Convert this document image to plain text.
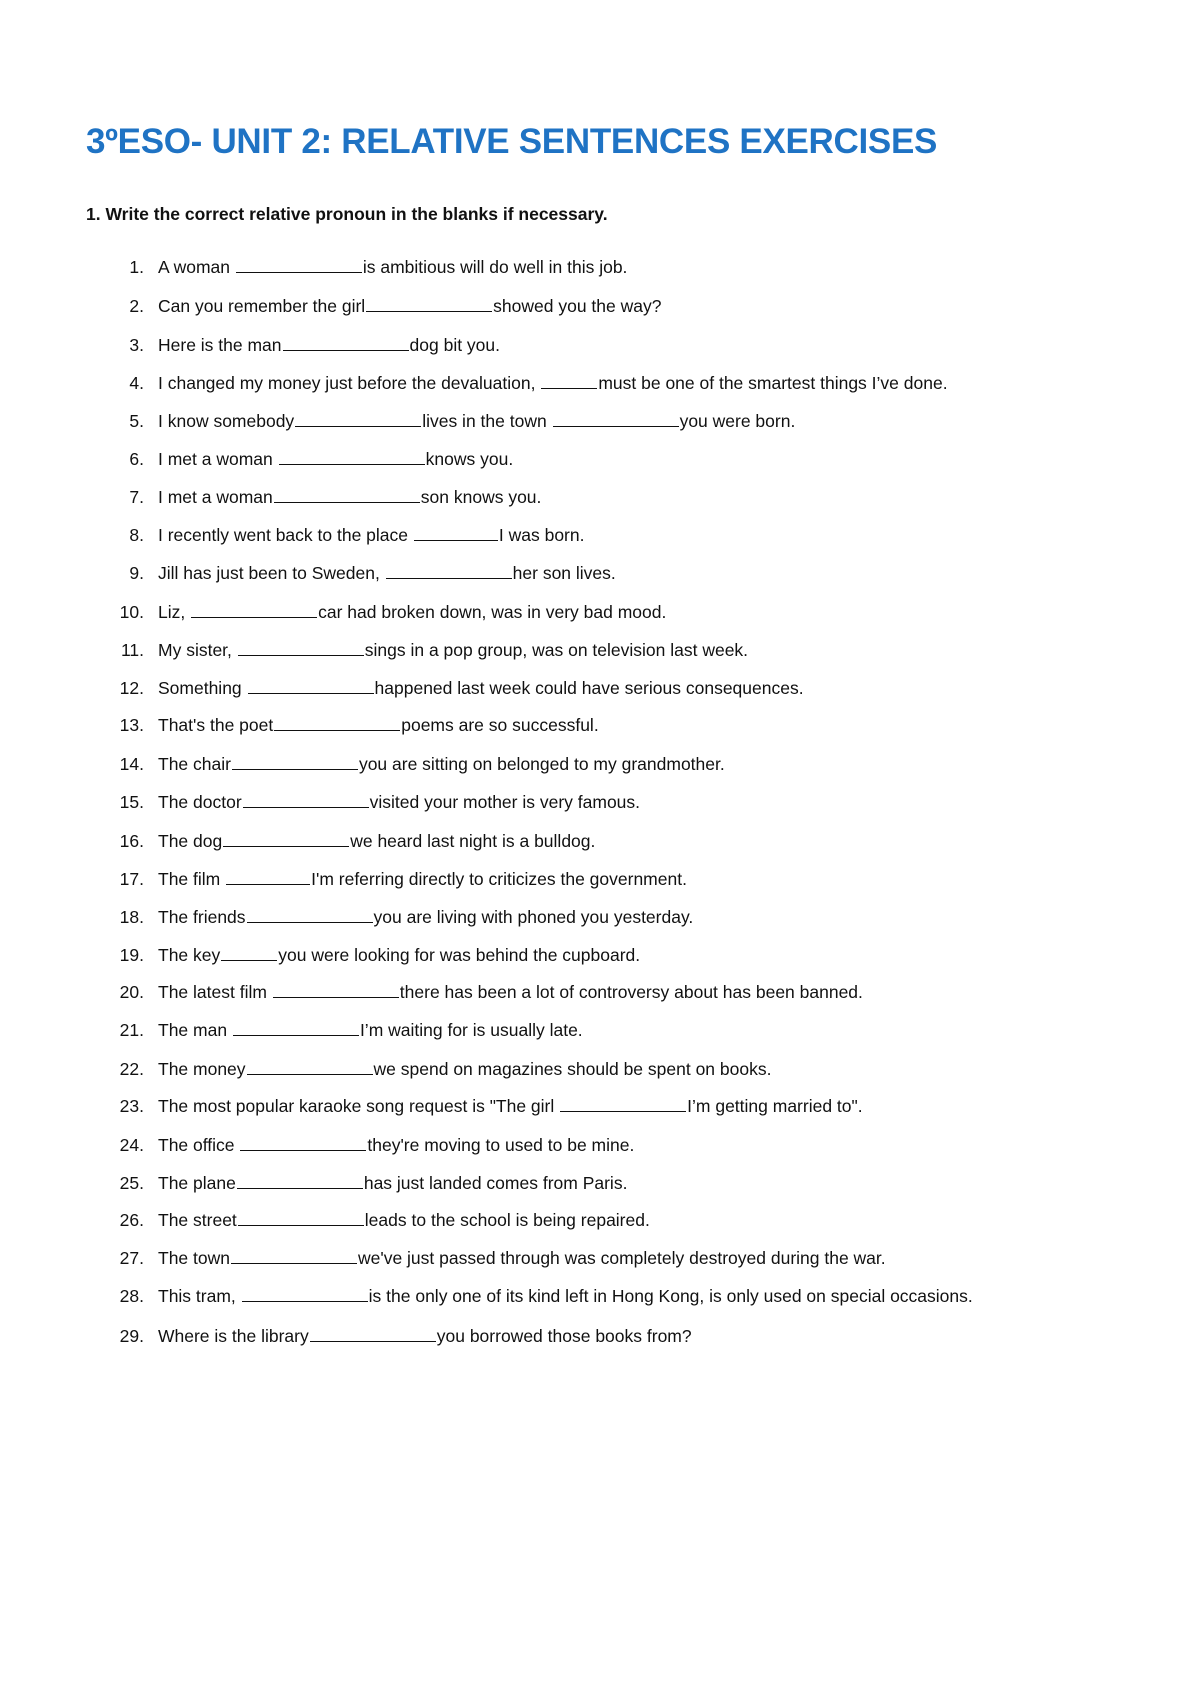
3ºESO- UNIT 2: RELATIVE SENTENCES EXERCISES

1. Write the correct relative pronoun in the blanks if necessary.

1. A woman	is ambitious will do well in this job.
2. Can you remember the girl	showed you the way?
3. Here is the man	dog bit you.
4. I changed my money just before the devaluation,	must be one of the smartest things I’ve done.
5. I know somebody	lives in the town	you were born.
6. I met a woman	knows you.
7. I met a woman	son knows you.
8. I recently went back to the place	I was born.
9. Jill has just been to Sweden,	her son lives.
10. Liz,	car had broken down, was in very bad mood.
11. My sister,	sings in a pop group, was on television last week.
12. Something	happened last week could have serious consequences.
13. That's the poet	poems are so successful.
14. The chair	you are sitting on belonged to my grandmother.
15. The doctor	visited your mother is very famous.
16. The dog	we heard last night is a bulldog.
17. The film	I'm referring directly to criticizes the government.
18. The friends	you are living with phoned you yesterday.
19. The key	you were looking for was behind the cupboard.
20. The latest film	there has been a lot of controversy about has been banned.
21. The man	I’m waiting for is usually late.
22. The money	we spend on magazines should be spent on books.
23. The most popular karaoke song request is "The girl	I’m getting married to".
24. The office	they're moving to used to be mine.
25. The plane	has just landed comes from Paris.
26. The street	leads to the school is being repaired.
27. The town	we've just passed through was completely destroyed during the war.
28. This tram,	is the only one of its kind left in Hong Kong, is only used on special occasions.
29. Where is the library	you borrowed those books from?
